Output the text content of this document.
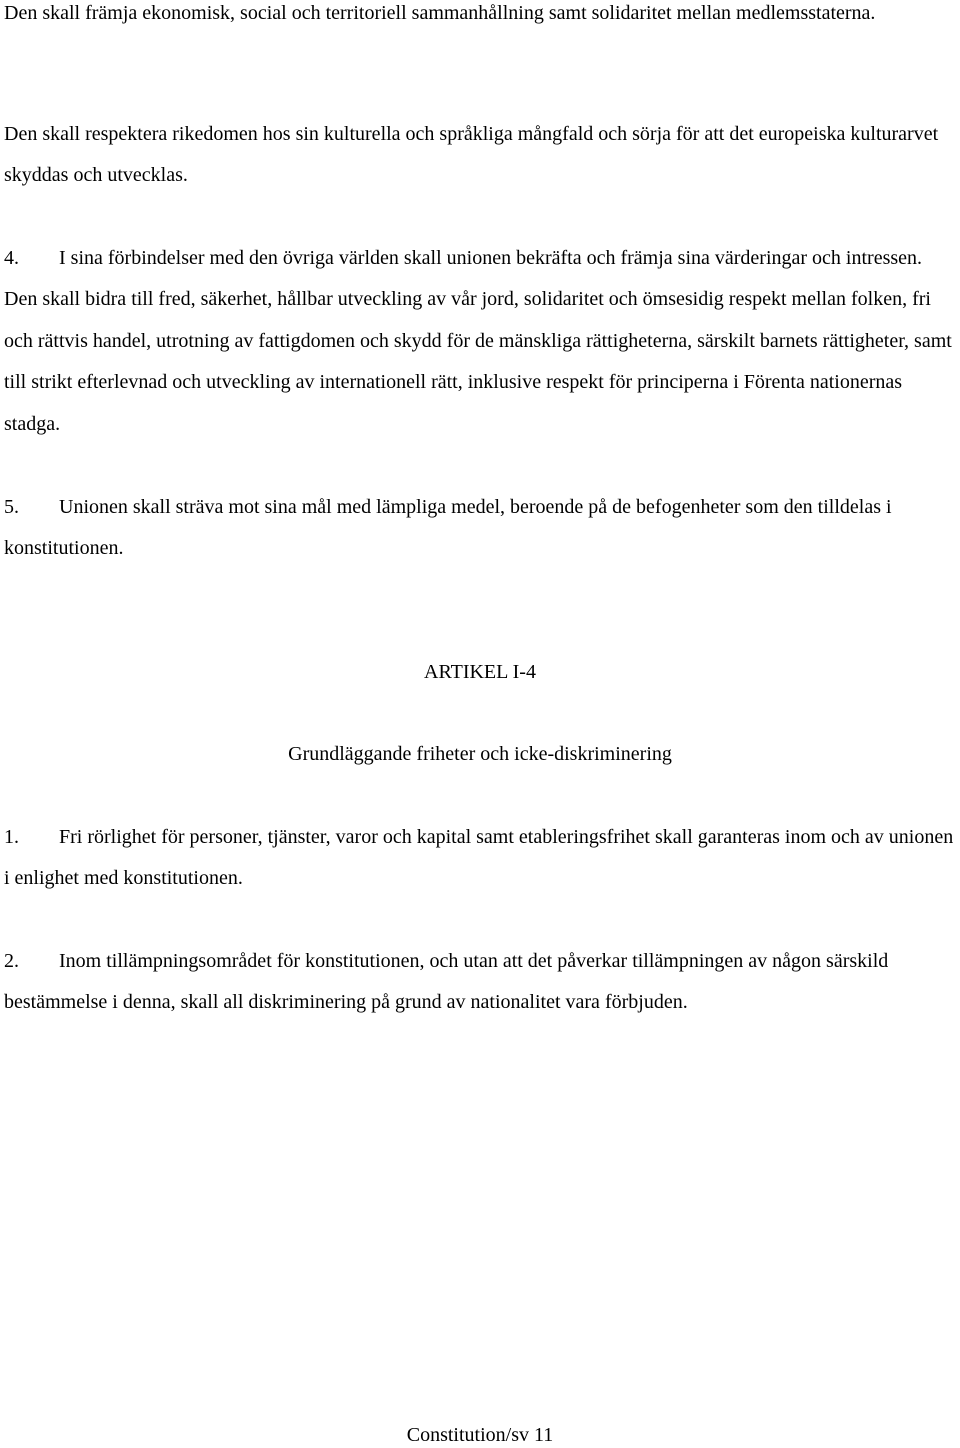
Den skall främja ekonomisk, social och territoriell sammanhållning samt solidaritet mellan medlemsstaterna.

Den skall respektera rikedomen hos sin kulturella och språkliga mångfald och sörja för att det europeiska kulturarvet skyddas och utvecklas.

4. I sina förbindelser med den övriga världen skall unionen bekräfta och främja sina värderingar och intressen. Den skall bidra till fred, säkerhet, hållbar utveckling av vår jord, solidaritet och ömsesidig respekt mellan folken, fri och rättvis handel, utrotning av fattigdomen och skydd för de mänskliga rättigheterna, särskilt barnets rättigheter, samt till strikt efterlevnad och utveckling av internationell rätt, inklusive respekt för principerna i Förenta nationernas stadga.

5. Unionen skall sträva mot sina mål med lämpliga medel, beroende på de befogenheter som den tilldelas i konstitutionen.

ARTIKEL I-4

Grundläggande friheter och icke-diskriminering

1. Fri rörlighet för personer, tjänster, varor och kapital samt etableringsfrihet skall garanteras inom och av unionen i enlighet med konstitutionen.

2. Inom tillämpningsområdet för konstitutionen, och utan att det påverkar tillämpningen av någon särskild bestämmelse i denna, skall all diskriminering på grund av nationalitet vara förbjuden.

Constitution/sv 11
